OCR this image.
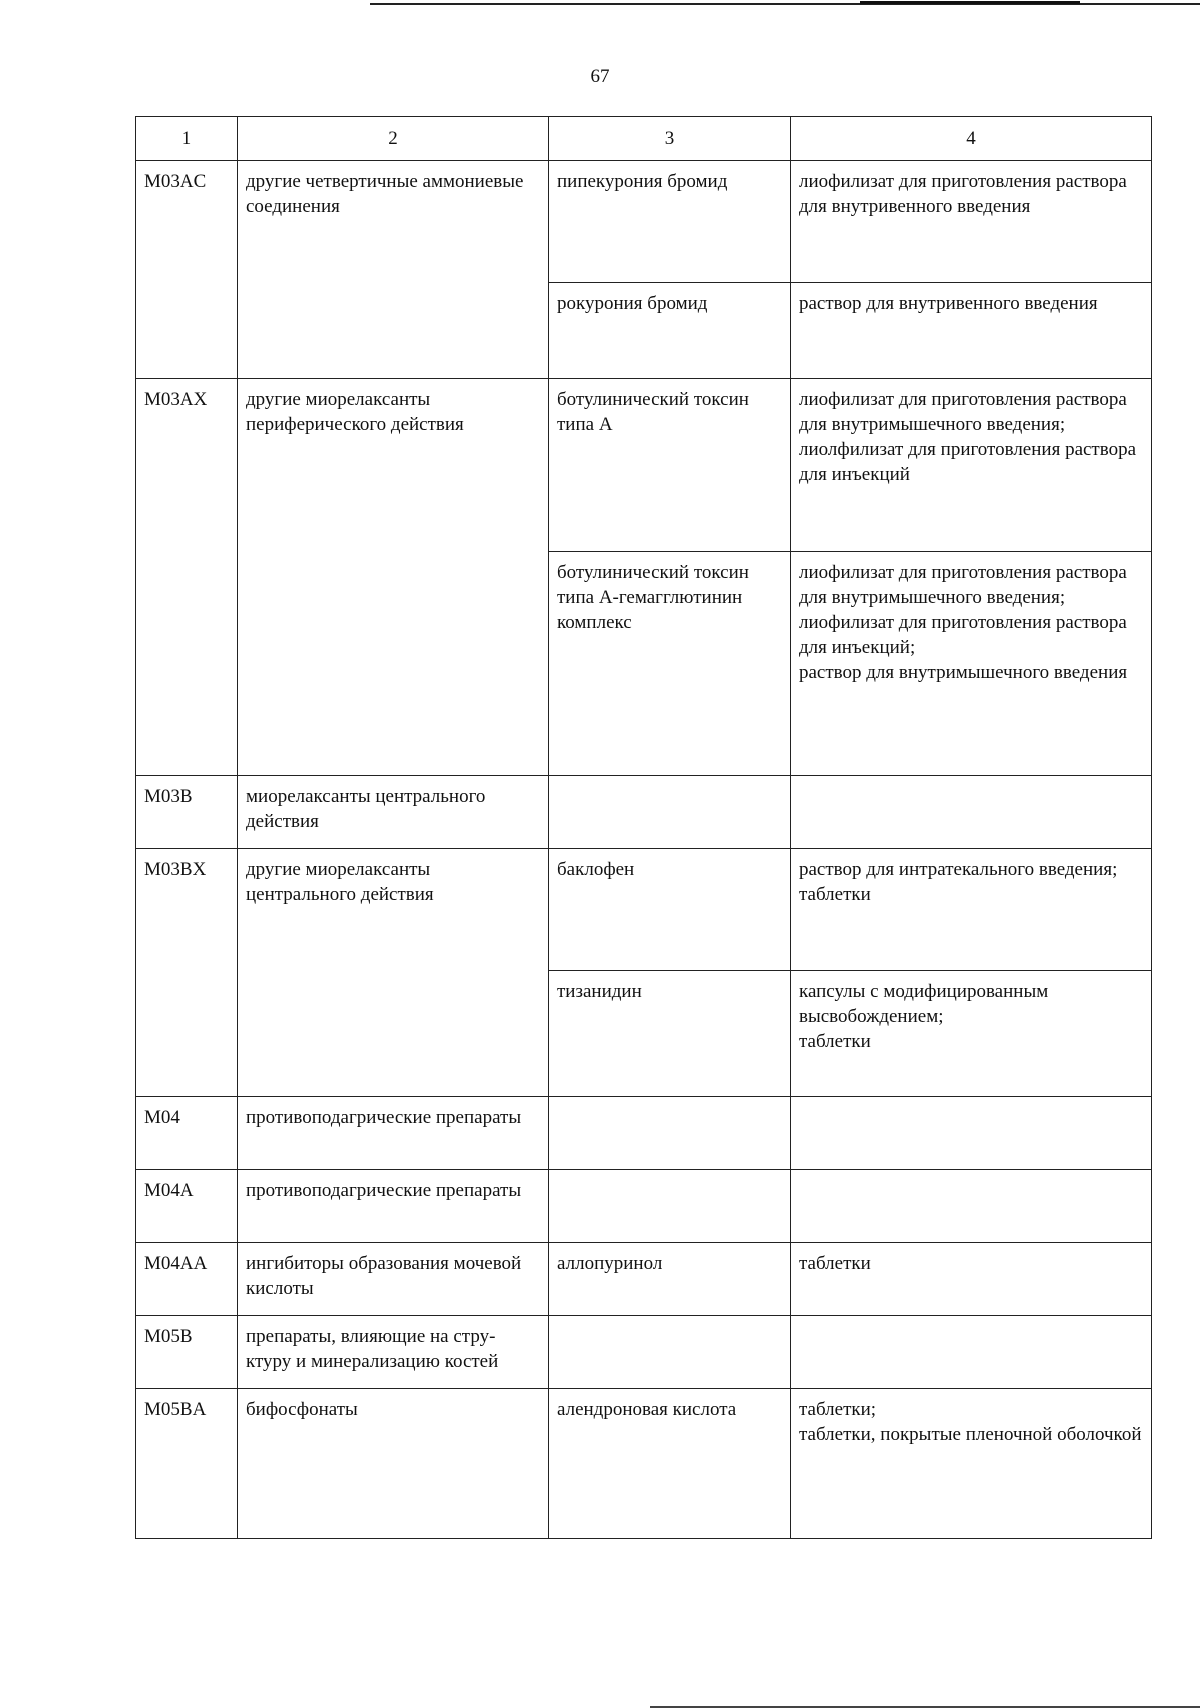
67
1	2	3	4
M03AC	другие четвертичные аммониевые соединения	пипекурония бромид	лиофилизат для приготовления раствора для внутривенного введения
		рокурония бромид	раствор для внутривенного введения
M03AX	другие миорелаксанты периферического действия	ботулинический токсин типа А	лиофилизат для приготовления раствора для внутримышечного введения;
лиолфилизат для приготовления раствора для инъекций
		ботулинический токсин типа А-гемагглютинин комплекс	лиофилизат для приготовления раствора для внутримышечного введения;
лиофилизат для приготовления раствора для инъекций;
раствор для внутримышечного введения
M03B	миорелаксанты центрального действия		
M03BX	другие миорелаксанты центрального действия	баклофен	раствор для интратекального введения;
таблетки
		тизанидин	капсулы с модифицированным высвобождением;
таблетки
M04	противоподагрические препараты		
M04A	противоподагрические препараты		
M04AA	ингибиторы образования мочевой кислоты	аллопуринол	таблетки
M05B	препараты, влияющие на стру-
ктуру и минерализацию костей		
M05BA	бифосфонаты	алендроновая кислота	таблетки;
таблетки, покрытые пленочной оболочкой
